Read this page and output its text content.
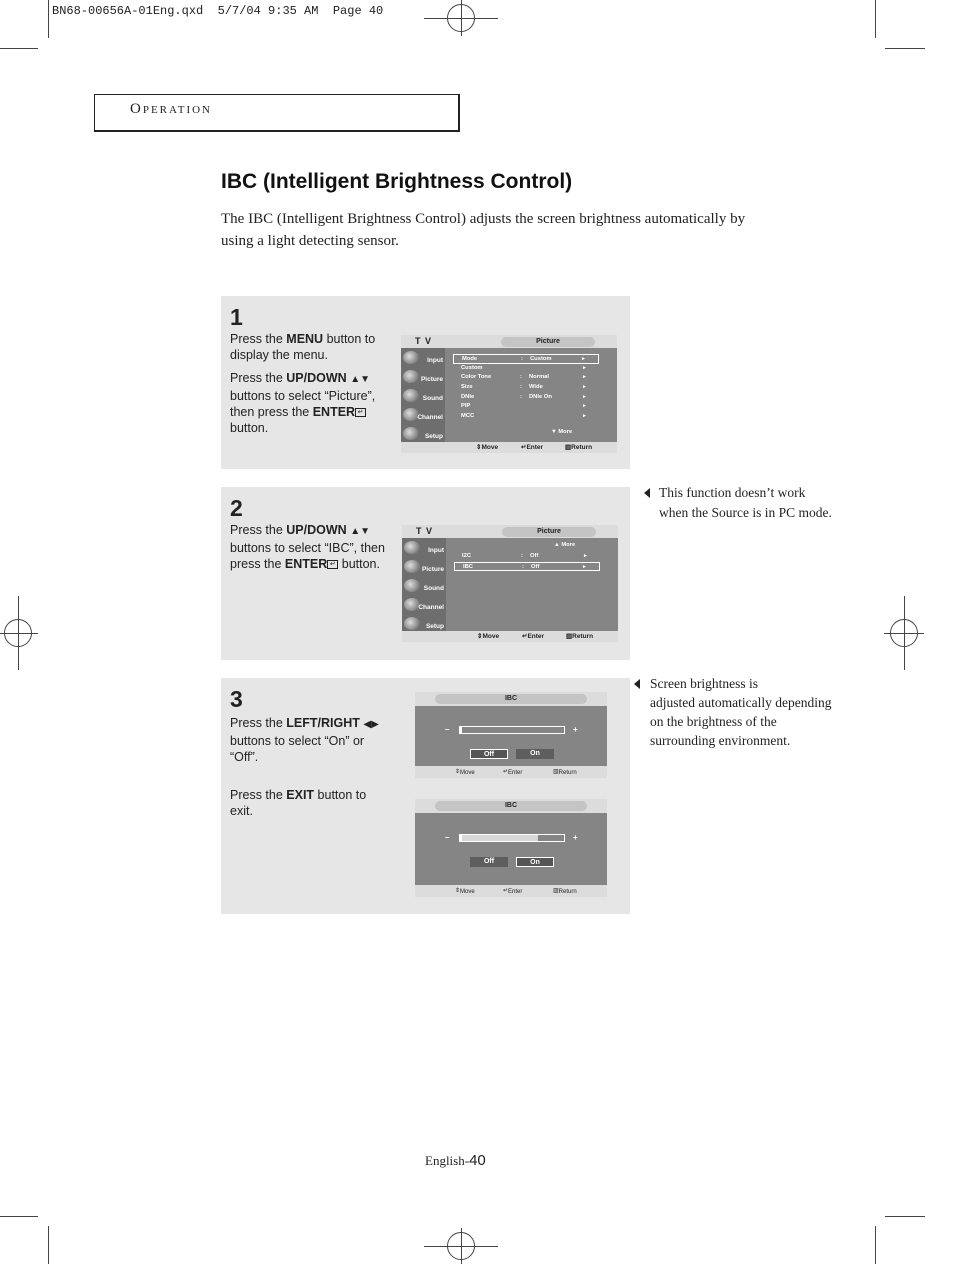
BN68-00656A-01Eng.qxd  5/7/04 9:35 AM  Page 40
Operation
IBC (Intelligent Brightness Control)

The IBC (Intelligent Brightness Control) adjusts the screen brightness automatically by using a light detecting sensor.

1

Press the MENU button to display the menu.

Press the UP/DOWN ▲▼ buttons to select “Picture”, then press the ENTER ↵ button.

T V	Picture
Input
Picture
Sound
Channel
Setup
Mode	: Custom	►
Custom	►
Color Tone	: Normal	►
Size	: Wide	►
DNIe	: DNIe On	►
PIP	►
MCC	►
▼ More
⇕ Move	↵ Enter	▥ Return
2

Press the UP/DOWN ▲▼ buttons to select “IBC”, then press the ENTER ↵ button.

T V	Picture
Input
Picture
Sound
Channel
Setup
▲ More
I2C	: Off	►
IBC	: Off	►
⇕ Move	↵ Enter	▥ Return
3

Press the LEFT/RIGHT ◀▶ buttons to select “On” or “Off”.

Press the EXIT button to exit.

IBC
–	+
Off	On
⇕ Move	↵ Enter	▥ Return
IBC
–	+
Off	On
⇕ Move	↵ Enter	▥ Return
This function doesn’t work
when the Source is in PC mode.
Screen brightness is
adjusted automatically depending
on the brightness of the
surrounding environment.
English-40
